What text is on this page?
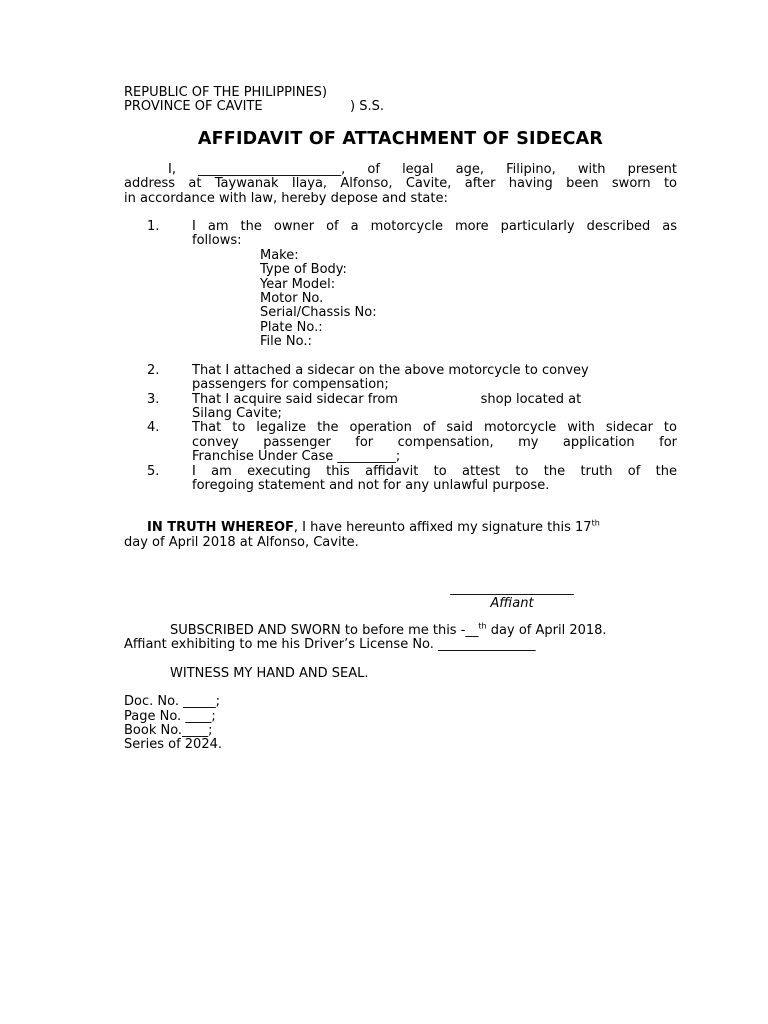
REPUBLIC OF THE PHILIPPINES)
PROVINCE OF CAVITE	) S.S.
AFFIDAVIT OF ATTACHMENT OF SIDECAR
I, ______________________, of legal age, Filipino, with present
address at Taywanak Ilaya, Alfonso, Cavite, after having been sworn to
in accordance with law, hereby depose and state:
1.	I am the owner of a motorcycle more particularly described as
follows:
Make:
Type of Body:
Year Model:
Motor No.
Serial/Chassis No:
Plate No.:
File No.:
2.	That I attached a sidecar on the above motorcycle to convey
passengers for compensation;
3.	That I acquire said sidecar from                    shop located at
Silang Cavite;
4.	That to legalize the operation of said motorcycle with sidecar to
convey passenger for compensation, my application for
Franchise Under Case _________;
5.	I am executing this affidavit to attest to the truth of the
foregoing statement and not for any unlawful purpose.
IN TRUTH WHEREOF, I have hereunto affixed my signature this 17th
day of April 2018 at Alfonso, Cavite.
___________________
Affiant
SUBSCRIBED AND SWORN to before me this -__$^{th}$ day of April 2018.
Affiant exhibiting to me his Driver’s License No. _______________
WITNESS MY HAND AND SEAL.
Doc. No. _____;
Page No. ____;
Book No.____;
Series of 2024.
